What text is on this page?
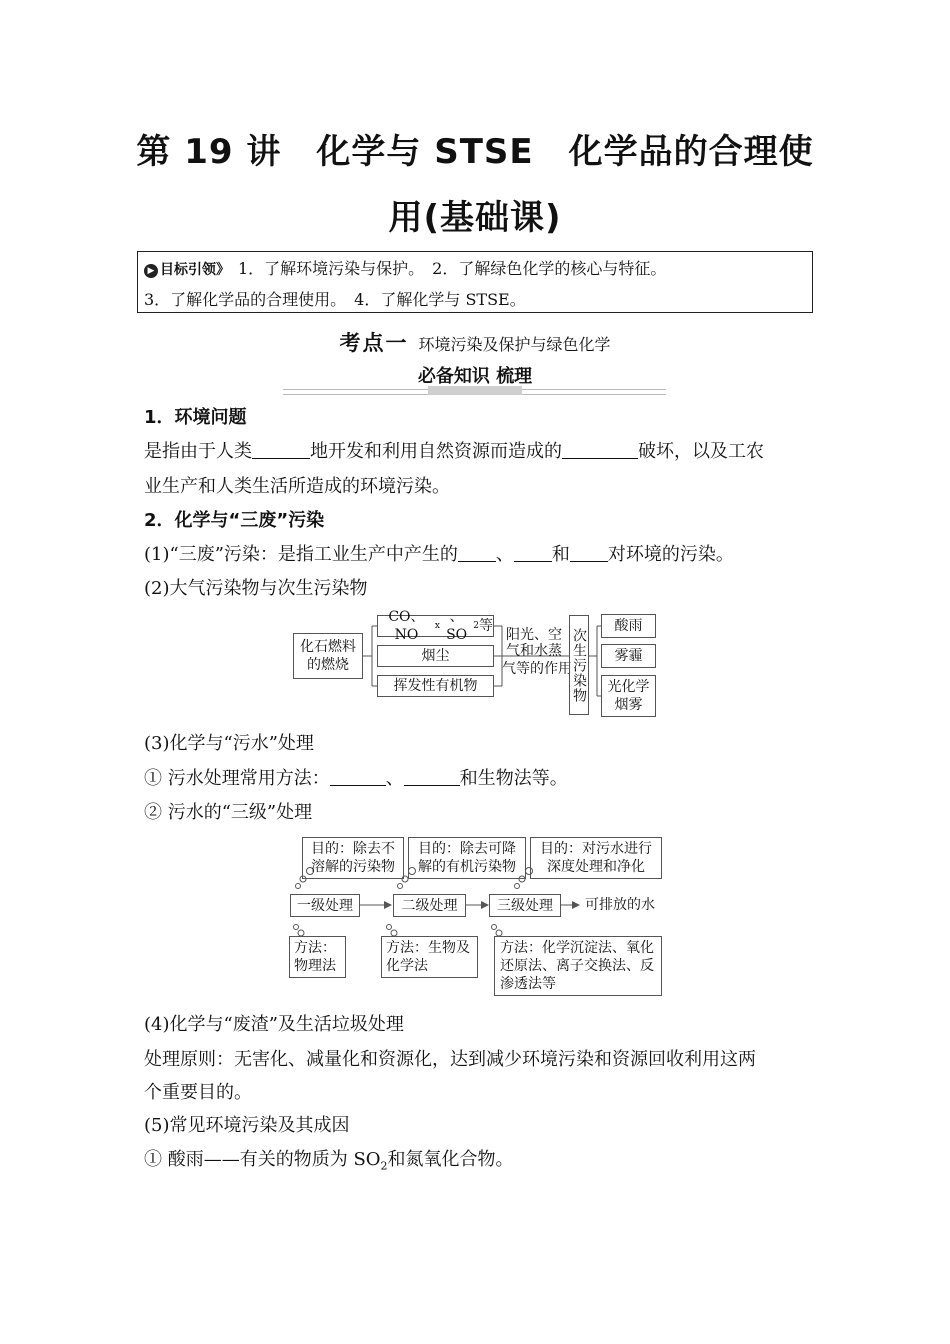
第 19 讲　化学与 STSE　化学品的合理使
用(基础课)
▶ 目标引领》 1．了解环境污染与保护。　2．了解绿色化学的核心与特征。
3．了解化学品的合理使用。　4．了解化学与 STSE。
考点一 环境污染及保护与绿色化学
必备知识 梳理
1．环境问题
是指由于人类	地开发和利用自然资源而造成的	破坏，以及工农
业生产和人类生活所造成的环境污染。
2．化学与“三废”污染
(1)“三废”污染：是指工业生产中产生的 、 和 对环境的污染。
(2)大气污染物与次生污染物
化石燃料的燃烧
CO、NO
x
、SO
2 等
烟尘
挥发性有机物
阳光、空
气和水蒸
气等的作用 次生污染物
酸雨
雾霾
光化学烟雾
(3)化学与“污水”处理
① 污水处理常用方法：	、	和生物法等。
② 污水的“三级”处理
目的：除去不溶解的污染物
目的：除去可降解的有机污染物
目的：对污水进行深度处理和净化
一级处理	二级处理	三级处理	可排放的水
方法：物理法
方法：生物及化学法
方法：化学沉淀法、氧化还原法、离子交换法、反渗透法等
(4)化学与“废渣”及生活垃圾处理
处理原则：无害化、减量化和资源化，达到减少环境污染和资源回收利用这两
个重要目的。
(5)常见环境污染及其成因
① 酸雨——有关的物质为 $SO_2$和氮氧化合物。
